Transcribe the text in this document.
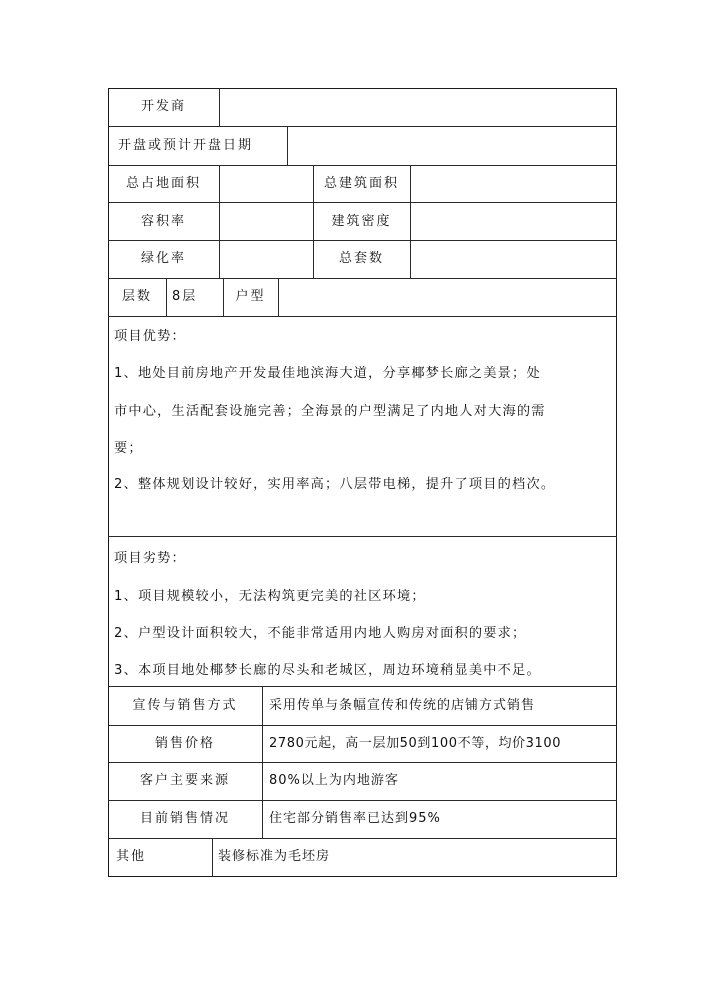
开发商
开盘或预计开盘日期
总占地面积	总建筑面积
容积率	建筑密度
绿化率	总套数
层数	8层	户型
项目优势：
1、地处目前房地产开发最佳地滨海大道，分享椰梦长廊之美景；处
市中心，生活配套设施完善；全海景的户型满足了内地人对大海的需
要；
2、整体规划设计较好，实用率高；八层带电梯，提升了项目的档次。
项目劣势：
1、项目规模较小，无法构筑更完美的社区环境；
2、户型设计面积较大，不能非常适用内地人购房对面积的要求；
3、本项目地处椰梦长廊的尽头和老城区，周边环境稍显美中不足。
宣传与销售方式	采用传单与条幅宣传和传统的店铺方式销售
销售价格	2780元起，高一层加50到100不等，均价3100
客户主要来源	80%以上为内地游客
目前销售情况	住宅部分销售率已达到95%
其他	装修标准为毛坯房
